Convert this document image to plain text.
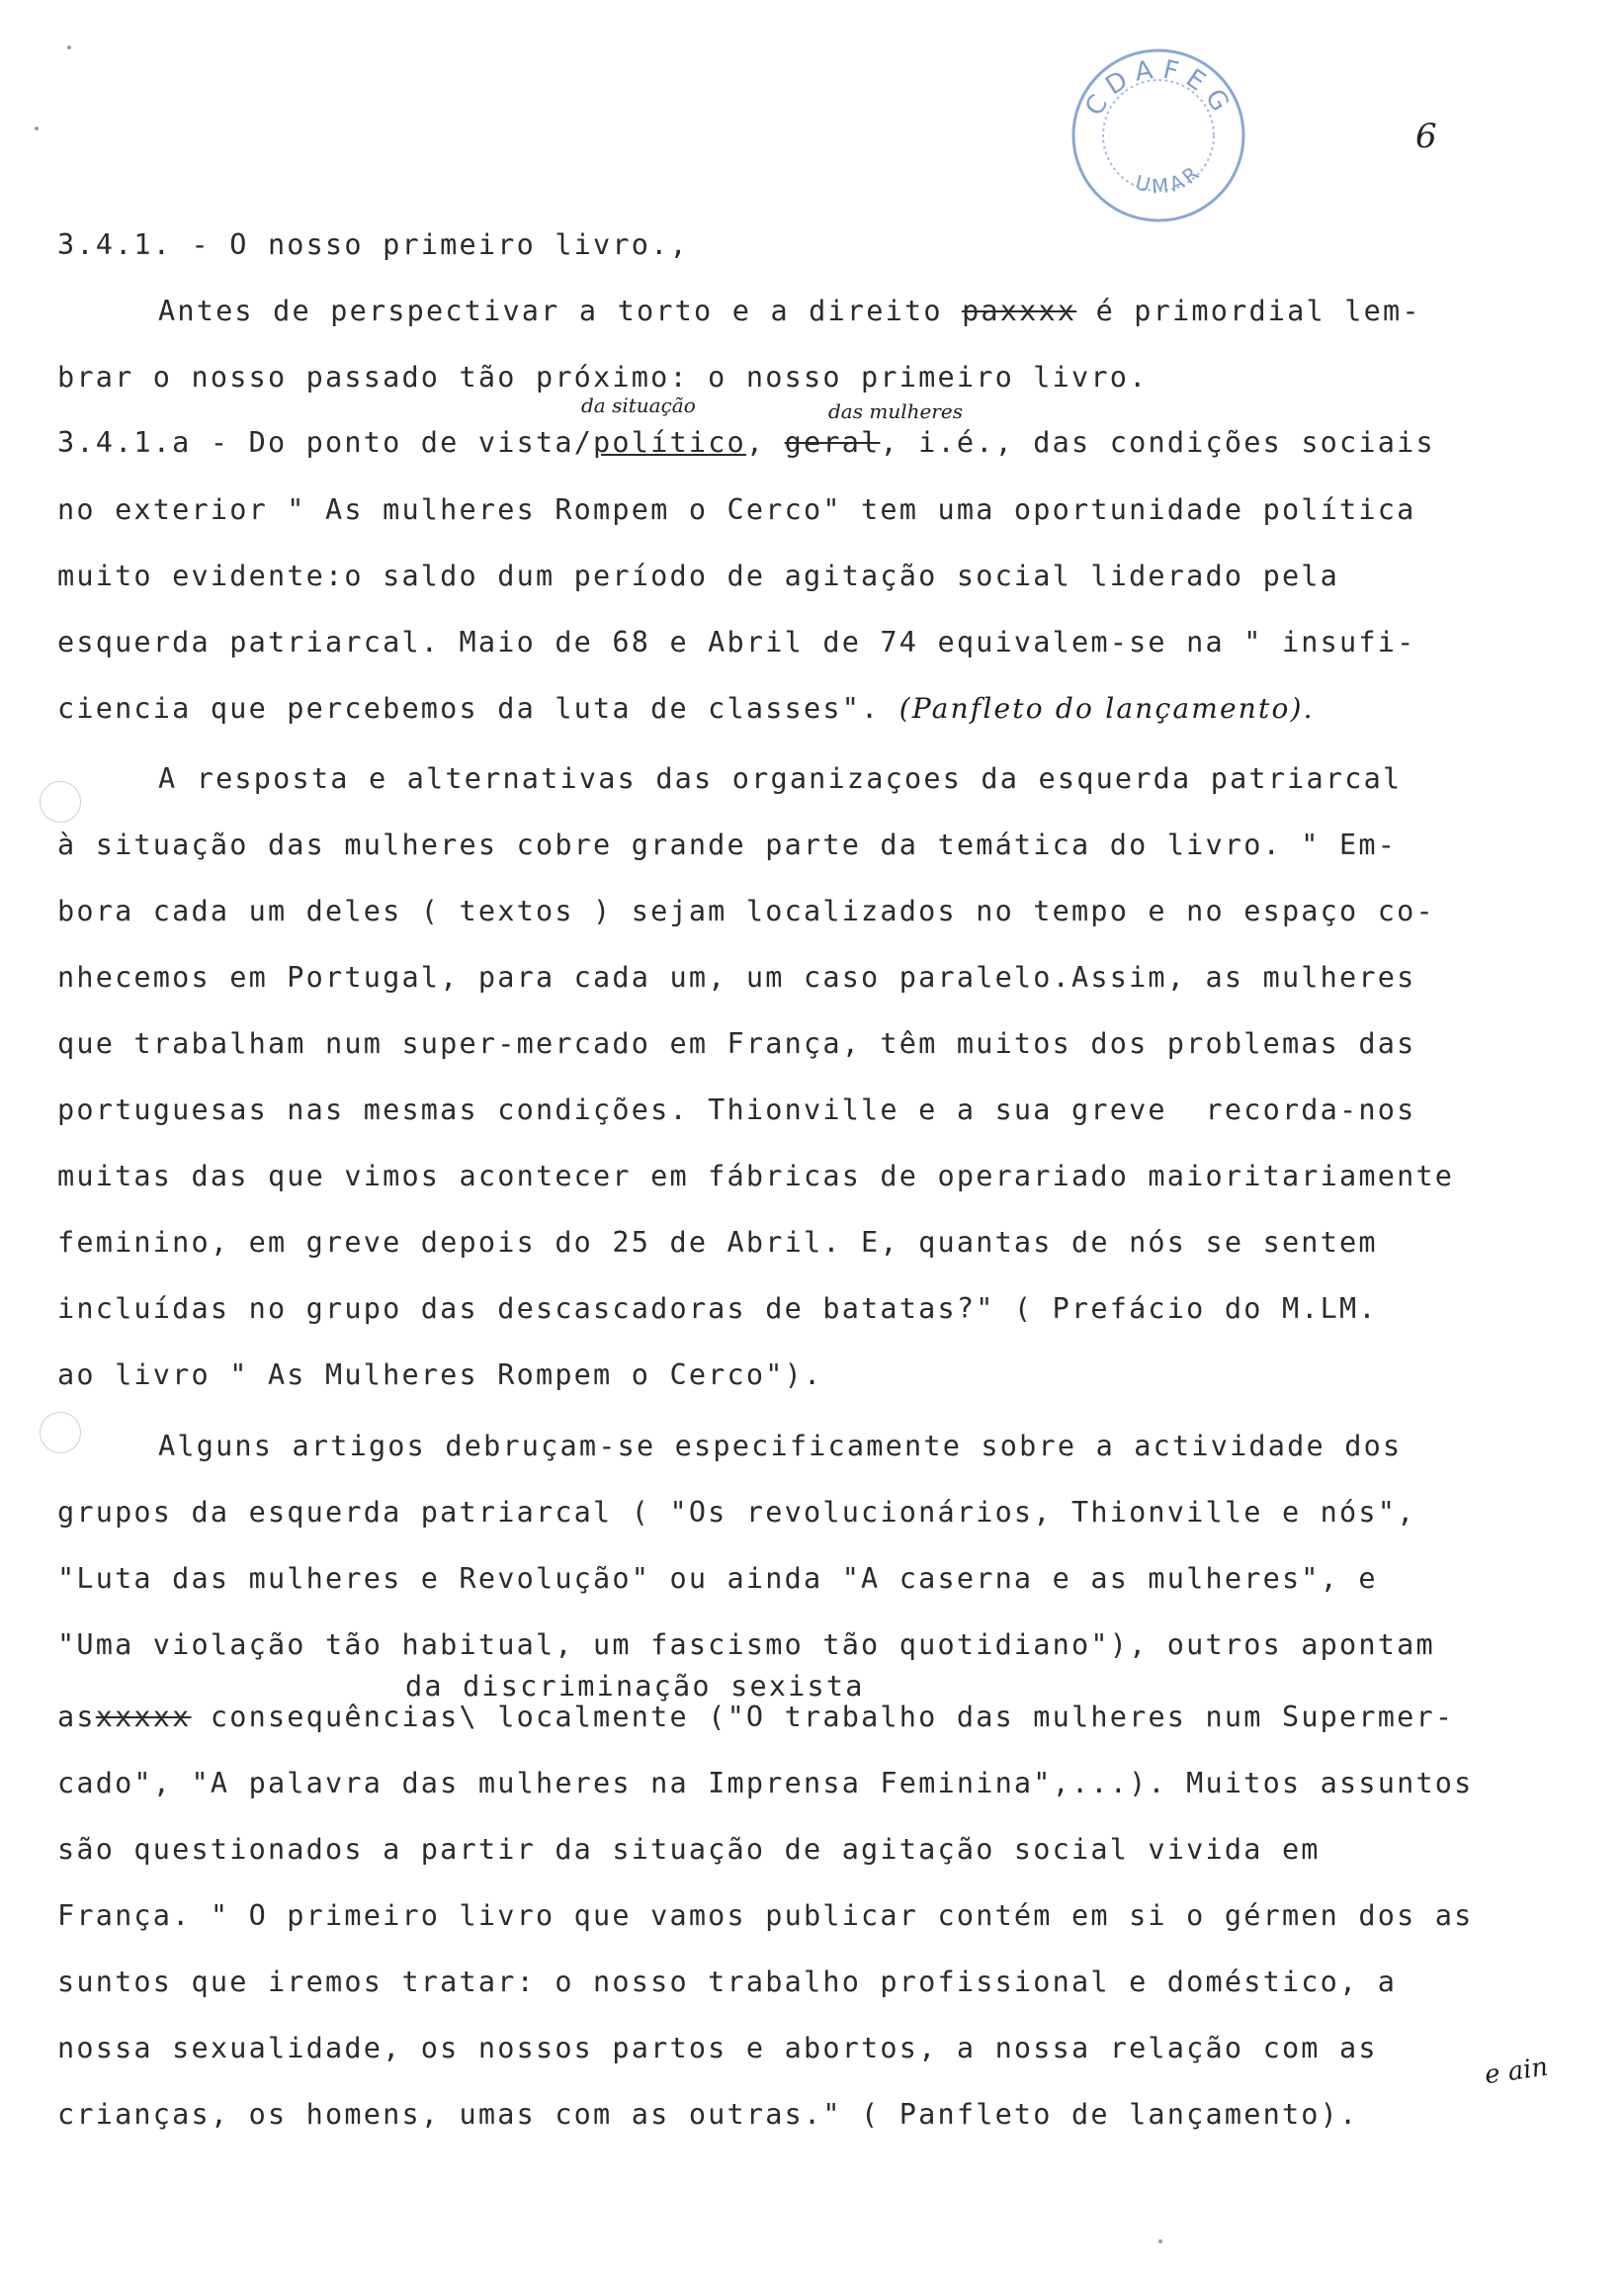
CDAFEG
UMAR
6
3.4.1. - O nosso primeiro livro.,
Antes de perspectivar a torto e a direito paxxxx é primordial lem-
brar o nosso passado tão próximo: o nosso primeiro livro.
da situação	das mulheres
3.4.1.a - Do ponto de vista/político, geral, i.é., das condições sociais
no exterior " As mulheres Rompem o Cerco" tem uma oportunidade política
muito evidente:o saldo dum período de agitação social liderado pela
esquerda patriarcal. Maio de 68 e Abril de 74 equivalem-se na " insufi-
ciencia que percebemos da luta de classes". (Panfleto do lançamento).
A resposta e alternativas das organizaçoes da esquerda patriarcal
à situação das mulheres cobre grande parte da temática do livro. " Em-
bora cada um deles ( textos ) sejam localizados no tempo e no espaço co-
nhecemos em Portugal, para cada um, um caso paralelo.Assim, as mulheres
que trabalham num super-mercado em França, têm muitos dos problemas das
portuguesas nas mesmas condições. Thionville e a sua greve  recorda-nos
muitas das que vimos acontecer em fábricas de operariado maioritariamente
feminino, em greve depois do 25 de Abril. E, quantas de nós se sentem
incluídas no grupo das descascadoras de batatas?" ( Prefácio do M.LM.
ao livro " As Mulheres Rompem o Cerco").
Alguns artigos debruçam-se especificamente sobre a actividade dos
grupos da esquerda patriarcal ( "Os revolucionários, Thionville e nós",
"Luta das mulheres e Revolução" ou ainda "A caserna e as mulheres", e
"Uma violação tão habitual, um fascismo tão quotidiano"), outros apontam
da discriminação sexista
asxxxxx consequências\ localmente ("O trabalho das mulheres num Supermer-
cado", "A palavra das mulheres na Imprensa Feminina",...). Muitos assuntos
são questionados a partir da situação de agitação social vivida em
França. " O primeiro livro que vamos publicar contém em si o gérmen dos as
suntos que iremos tratar: o nosso trabalho profissional e doméstico, a
nossa sexualidade, os nossos partos e abortos, a nossa relação com as
crianças, os homens, umas com as outras." ( Panfleto de lançamento).
e ain
